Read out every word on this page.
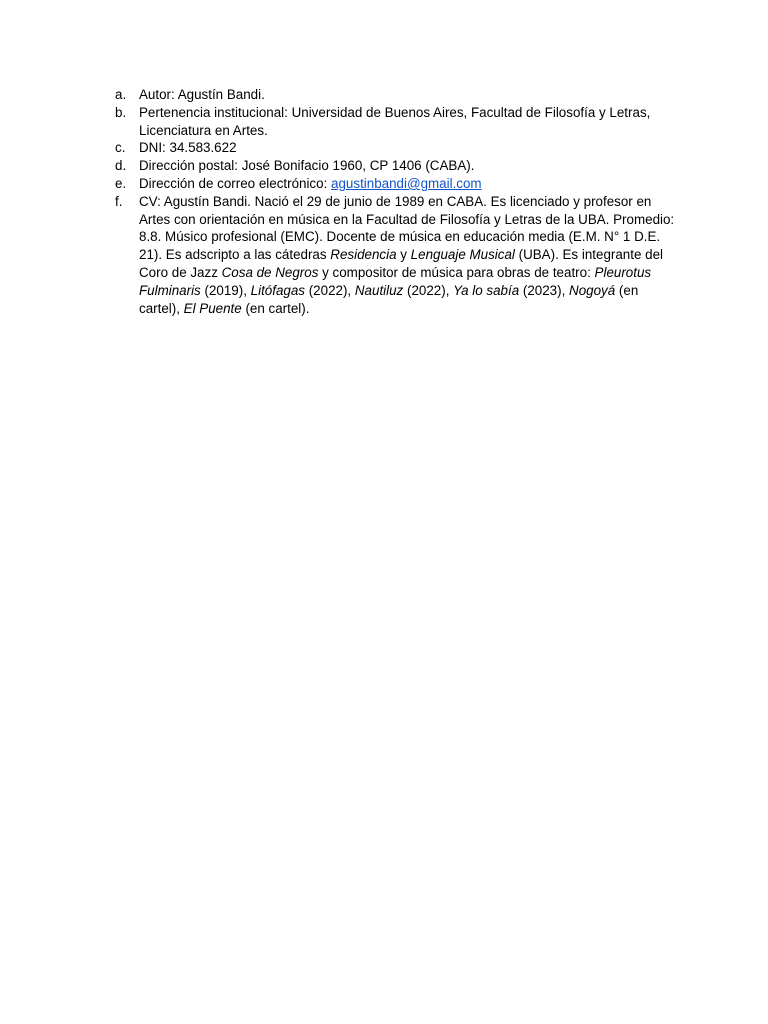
a. Autor: Agustín Bandi.
b. Pertenencia institucional: Universidad de Buenos Aires, Facultad de Filosofía y Letras, Licenciatura en Artes.
c. DNI: 34.583.622
d. Dirección postal: José Bonifacio 1960, CP 1406 (CABA).
e. Dirección de correo electrónico: agustinbandi@gmail.com
f. CV: Agustín Bandi. Nació el 29 de junio de 1989 en CABA. Es licenciado y profesor en Artes con orientación en música en la Facultad de Filosofía y Letras de la UBA. Promedio: 8.8. Músico profesional (EMC). Docente de música en educación media (E.M. N° 1 D.E. 21). Es adscripto a las cátedras Residencia y Lenguaje Musical (UBA). Es integrante del Coro de Jazz Cosa de Negros y compositor de música para obras de teatro: Pleurotus Fulminaris (2019), Litófagas (2022), Nautiluz (2022), Ya lo sabía (2023), Nogoyá (en cartel), El Puente (en cartel).
